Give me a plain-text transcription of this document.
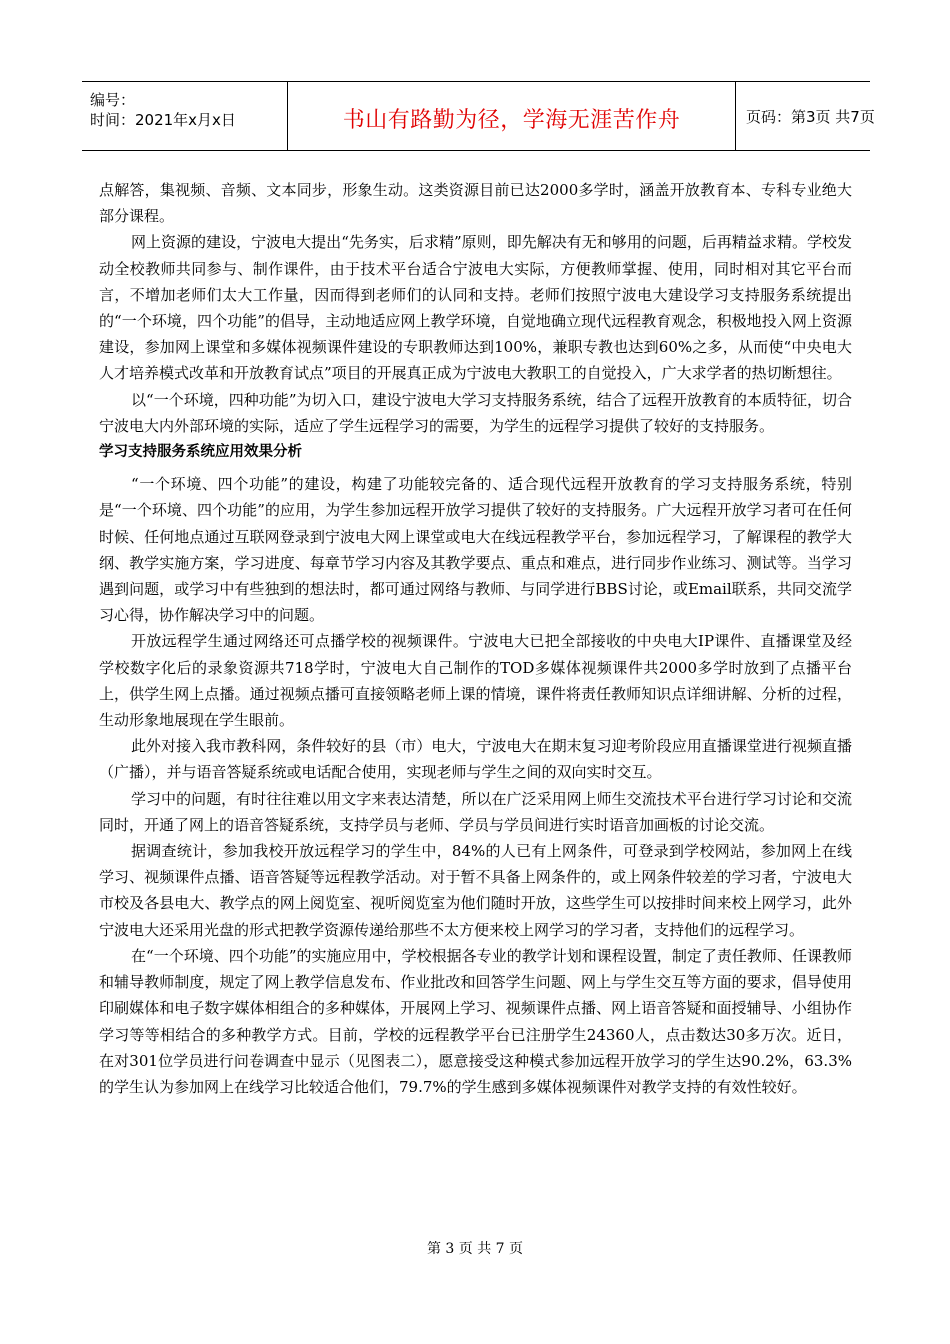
编号：
时间：2021年x月x日	书山有路勤为径，学海无涯苦作舟	页码：第3页 共7页

点解答，集视频、音频、文本同步，形象生动。这类资源目前已达2000多学时，涵盖开放教育本、专科专业绝大部分课程。

网上资源的建设，宁波电大提出“先务实，后求精”原则，即先解决有无和够用的问题，后再精益求精。学校发动全校教师共同参与、制作课件，由于技术平台适合宁波电大实际，方便教师掌握、使用，同时相对其它平台而言，不增加老师们太大工作量，因而得到老师们的认同和支持。老师们按照宁波电大建设学习支持服务系统提出的“一个环境，四个功能”的倡导，主动地适应网上教学环境，自觉地确立现代远程教育观念，积极地投入网上资源建设，参加网上课堂和多媒体视频课件建设的专职教师达到100%，兼职专教也达到60%之多，从而使“中央电大人才培养模式改革和开放教育试点”项目的开展真正成为宁波电大教职工的自觉投入，广大求学者的热切断想往。

以“一个环境，四种功能”为切入口，建设宁波电大学习支持服务系统，结合了远程开放教育的本质特征，切合宁波电大内外部环境的实际，适应了学生远程学习的需要，为学生的远程学习提供了较好的支持服务。

学习支持服务系统应用效果分析

“一个环境、四个功能”的建设，构建了功能较完备的、适合现代远程开放教育的学习支持服务系统，特别是“一个环境、四个功能”的应用，为学生参加远程开放学习提供了较好的支持服务。广大远程开放学习者可在任何时候、任何地点通过互联网登录到宁波电大网上课堂或电大在线远程教学平台，参加远程学习，了解课程的教学大纲、教学实施方案，学习进度、每章节学习内容及其教学要点、重点和难点，进行同步作业练习、测试等。当学习遇到问题，或学习中有些独到的想法时，都可通过网络与教师、与同学进行BBS讨论，或Email联系，共同交流学习心得，协作解决学习中的问题。

开放远程学生通过网络还可点播学校的视频课件。宁波电大已把全部接收的中央电大IP课件、直播课堂及经学校数字化后的录象资源共718学时，宁波电大自己制作的TOD多媒体视频课件共2000多学时放到了点播平台上，供学生网上点播。通过视频点播可直接领略老师上课的情境，课件将责任教师知识点详细讲解、分析的过程，生动形象地展现在学生眼前。

此外对接入我市教科网，条件较好的县（市）电大，宁波电大在期末复习迎考阶段应用直播课堂进行视频直播（广播），并与语音答疑系统或电话配合使用，实现老师与学生之间的双向实时交互。

学习中的问题，有时往往难以用文字来表达清楚，所以在广泛采用网上师生交流技术平台进行学习讨论和交流同时，开通了网上的语音答疑系统，支持学员与老师、学员与学员间进行实时语音加画板的讨论交流。

据调查统计，参加我校开放远程学习的学生中，84%的人已有上网条件，可登录到学校网站，参加网上在线学习、视频课件点播、语音答疑等远程教学活动。对于暂不具备上网条件的，或上网条件较差的学习者，宁波电大市校及各县电大、教学点的网上阅览室、视听阅览室为他们随时开放，这些学生可以按排时间来校上网学习，此外宁波电大还采用光盘的形式把教学资源传递给那些不太方便来校上网学习的学习者，支持他们的远程学习。

在“一个环境、四个功能”的实施应用中，学校根据各专业的教学计划和课程设置，制定了责任教师、任课教师和辅导教师制度，规定了网上教学信息发布、作业批改和回答学生问题、网上与学生交互等方面的要求，倡导使用印刷媒体和电子数字媒体相组合的多种媒体，开展网上学习、视频课件点播、网上语音答疑和面授辅导、小组协作学习等等相结合的多种教学方式。目前，学校的远程教学平台已注册学生24360人，点击数达30多万次。近日，在对301位学员进行问卷调查中显示（见图表二），愿意接受这种模式参加远程开放学习的学生达90.2%，63.3%的学生认为参加网上在线学习比较适合他们，79.7%的学生感到多媒体视频课件对教学支持的有效性较好。

第 3 页 共 7 页
